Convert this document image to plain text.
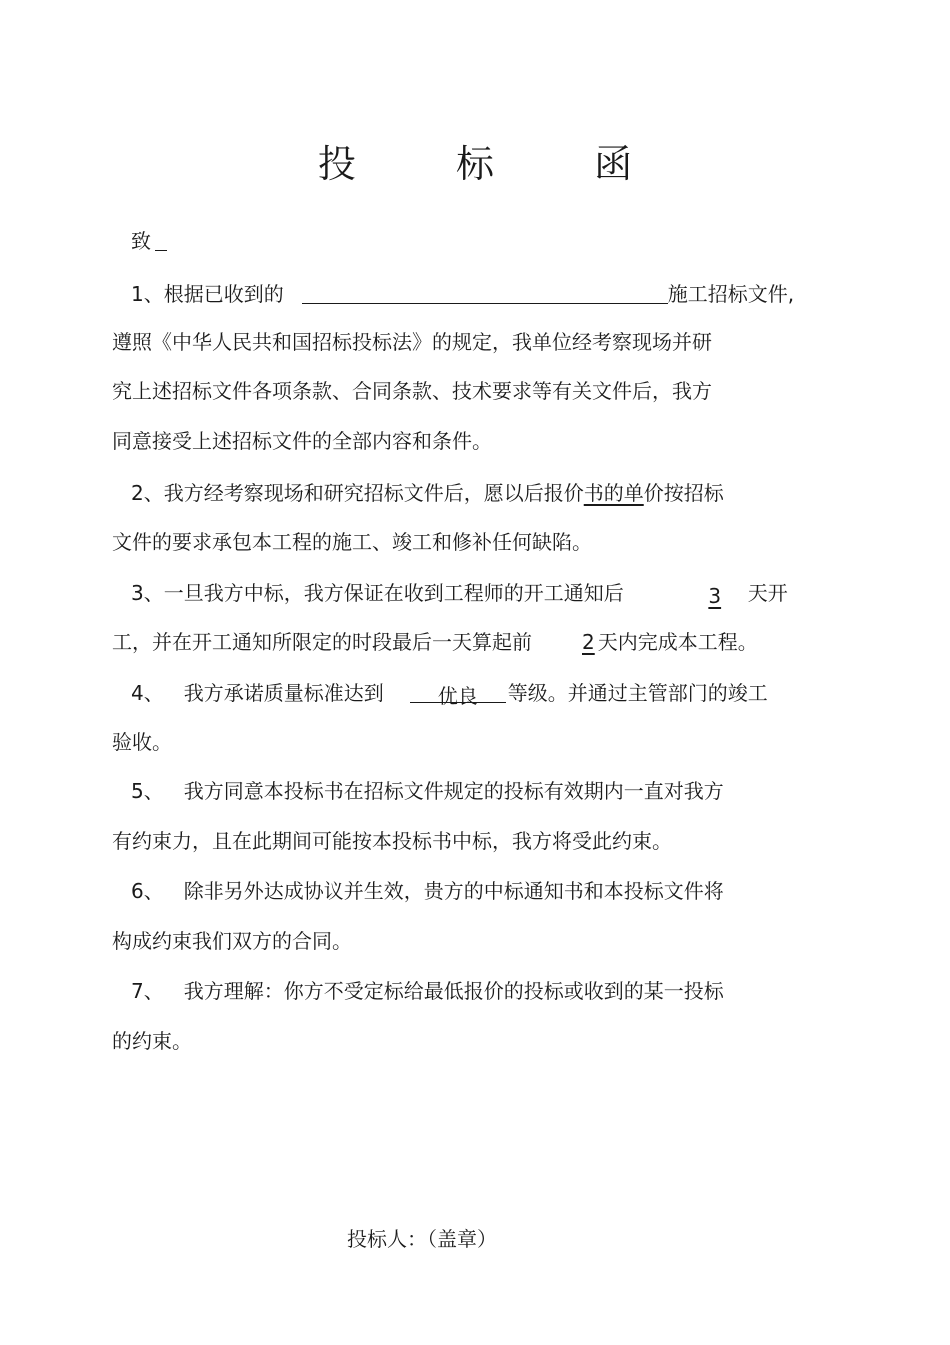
投 标 函
致
1、根据已收到的	施工招标文件,
遵照《中华人民共和国招标投标法》的规定，我单位经考察现场并研
究上述招标文件各项条款、合同条款、技术要求等有关文件后，我方
同意接受上述招标文件的全部内容和条件。
2、我方经考察现场和研究招标文件后，愿以后报价书的单价按招标
文件的要求承包本工程的施工、竣工和修补任何缺陷。
3、一旦我方中标，我方保证在收到工程师的开工通知后	3 天开
工，并在开工通知所限定的时段最后一天算起前	2 天内完成本工程。
4、 我方承诺质量标准达到	优良 等级。并通过主管部门的竣工
验收。
5、 我方同意本投标书在招标文件规定的投标有效期内一直对我方
有约束力，且在此期间可能按本投标书中标，我方将受此约束。
6、 除非另外达成协议并生效，贵方的中标通知书和本投标文件将
构成约束我们双方的合同。
7、 我方理解：你方不受定标给最低报价的投标或收到的某一投标
的约束。
投标人：（盖章）
